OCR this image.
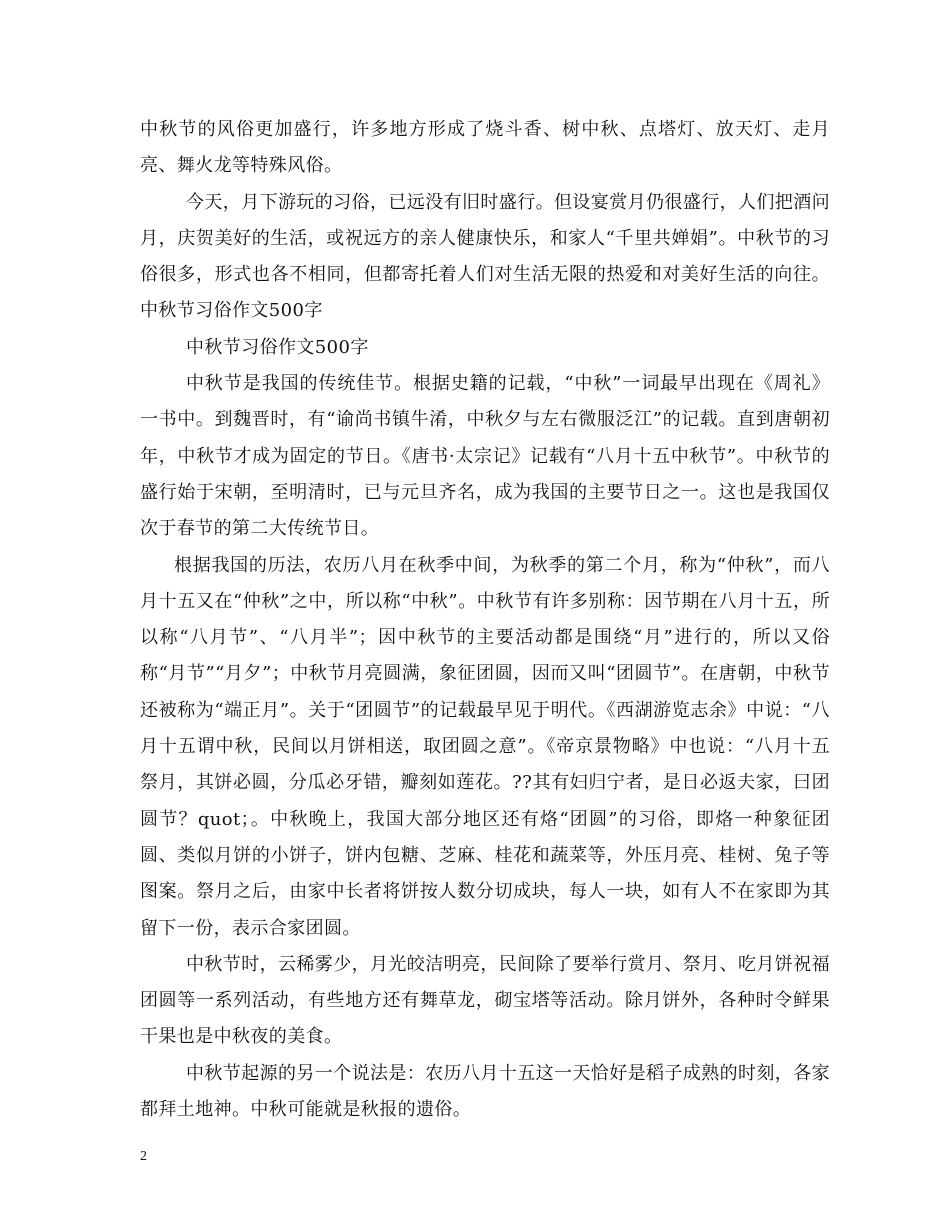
中秋节的风俗更加盛行，许多地方形成了烧斗香、树中秋、点塔灯、放天灯、走月亮、舞火龙等特殊风俗。

今天，月下游玩的习俗，已远没有旧时盛行。但设宴赏月仍很盛行，人们把酒问月，庆贺美好的生活，或祝远方的亲人健康快乐，和家人“千里共婵娟”。中秋节的习俗很多，形式也各不相同，但都寄托着人们对生活无限的热爱和对美好生活的向往。中秋节习俗作文500字

中秋节习俗作文500字

中秋节是我国的传统佳节。根据史籍的记载，“中秋”一词最早出现在《周礼》一书中。到魏晋时，有“谕尚书镇牛淆，中秋夕与左右微服泛江”的记载。直到唐朝初年，中秋节才成为固定的节日。《唐书·太宗记》记载有“八月十五中秋节”。中秋节的盛行始于宋朝，至明清时，已与元旦齐名，成为我国的主要节日之一。这也是我国仅次于春节的第二大传统节日。

根据我国的历法，农历八月在秋季中间，为秋季的第二个月，称为“仲秋”，而八月十五又在“仲秋”之中，所以称“中秋”。中秋节有许多别称：因节期在八月十五，所以称“八月节”、“八月半”；因中秋节的主要活动都是围绕“月”进行的，所以又俗称“月节”“月夕”；中秋节月亮圆满，象征团圆，因而又叫“团圆节”。在唐朝，中秋节还被称为“端正月”。关于“团圆节”的记载最早见于明代。《西湖游览志余》中说：“八月十五谓中秋，民间以月饼相送，取团圆之意”。《帝京景物略》中也说：“八月十五祭月，其饼必圆，分瓜必牙错，瓣刻如莲花。??其有妇归宁者，是日必返夫家，曰团圆节？quot；。中秋晚上，我国大部分地区还有烙“团圆”的习俗，即烙一种象征团圆、类似月饼的小饼子，饼内包糖、芝麻、桂花和蔬菜等，外压月亮、桂树、兔子等图案。祭月之后，由家中长者将饼按人数分切成块，每人一块，如有人不在家即为其留下一份，表示合家团圆。

中秋节时，云稀雾少，月光皎洁明亮，民间除了要举行赏月、祭月、吃月饼祝福团圆等一系列活动，有些地方还有舞草龙，砌宝塔等活动。除月饼外，各种时令鲜果干果也是中秋夜的美食。

中秋节起源的另一个说法是：农历八月十五这一天恰好是稻子成熟的时刻，各家都拜土地神。中秋可能就是秋报的遗俗。

2
